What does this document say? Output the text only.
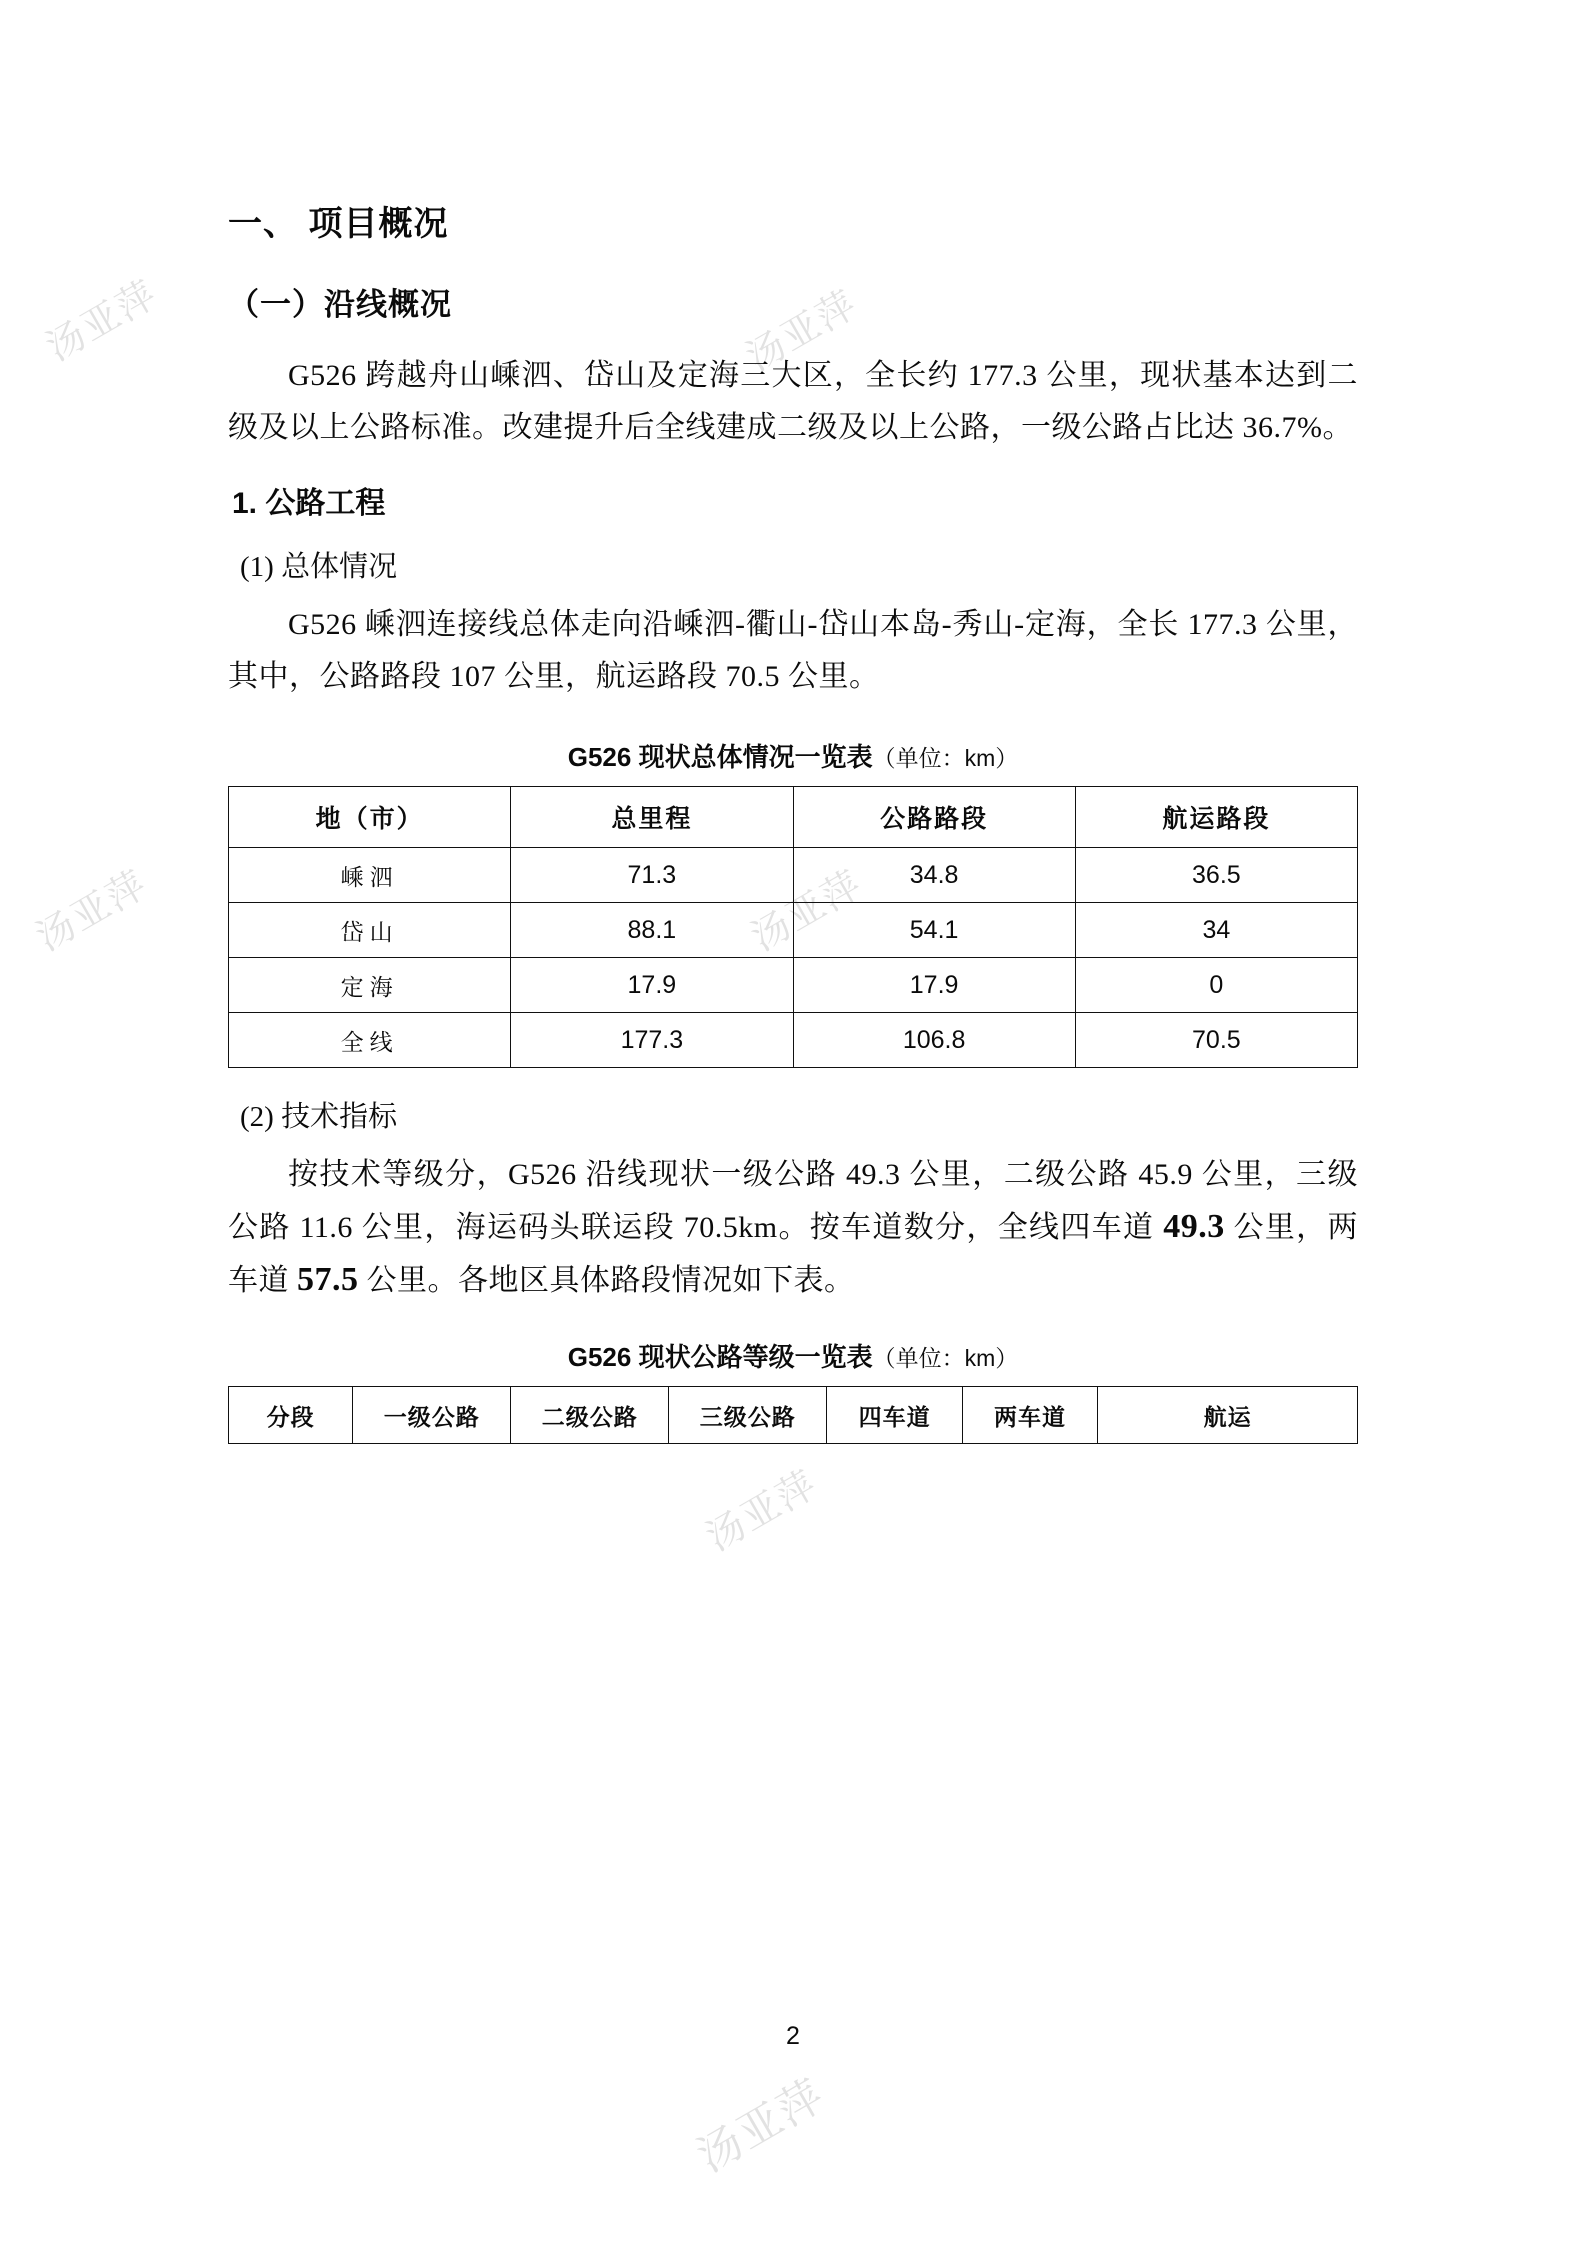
汤亚萍	汤亚萍
汤亚萍	汤亚萍
汤亚萍
汤亚萍
一、 项目概况
（一）沿线概况

G526 跨越舟山嵊泗、岱山及定海三大区，全长约 177.3 公里，现状基本达到二级及以上公路标准。改建提升后全线建成二级及以上公路，一级公路占比达 36.7%。

1. 公路工程
(1) 总体情况

G526 嵊泗连接线总体走向沿嵊泗-衢山-岱山本岛-秀山-定海，全长 177.3 公里，其中，公路路段 107 公里，航运路段 70.5 公里。

G526 现状总体情况一览表（单位：km）
地（市）	总里程	公路路段	航运路段
嵊泗	71.3	34.8	36.5
岱山	88.1	54.1	34
定海	17.9	17.9	0
全线	177.3	106.8	70.5
(2) 技术指标

按技术等级分，G526 沿线现状一级公路 49.3 公里，二级公路 45.9 公里，三级公路 11.6 公里，海运码头联运段 70.5km。按车道数分，全线四车道 49.3 公里，两车道 57.5 公里。各地区具体路段情况如下表。

G526 现状公路等级一览表（单位：km）
分段	一级公路	二级公路	三级公路	四车道	两车道	航运
2
